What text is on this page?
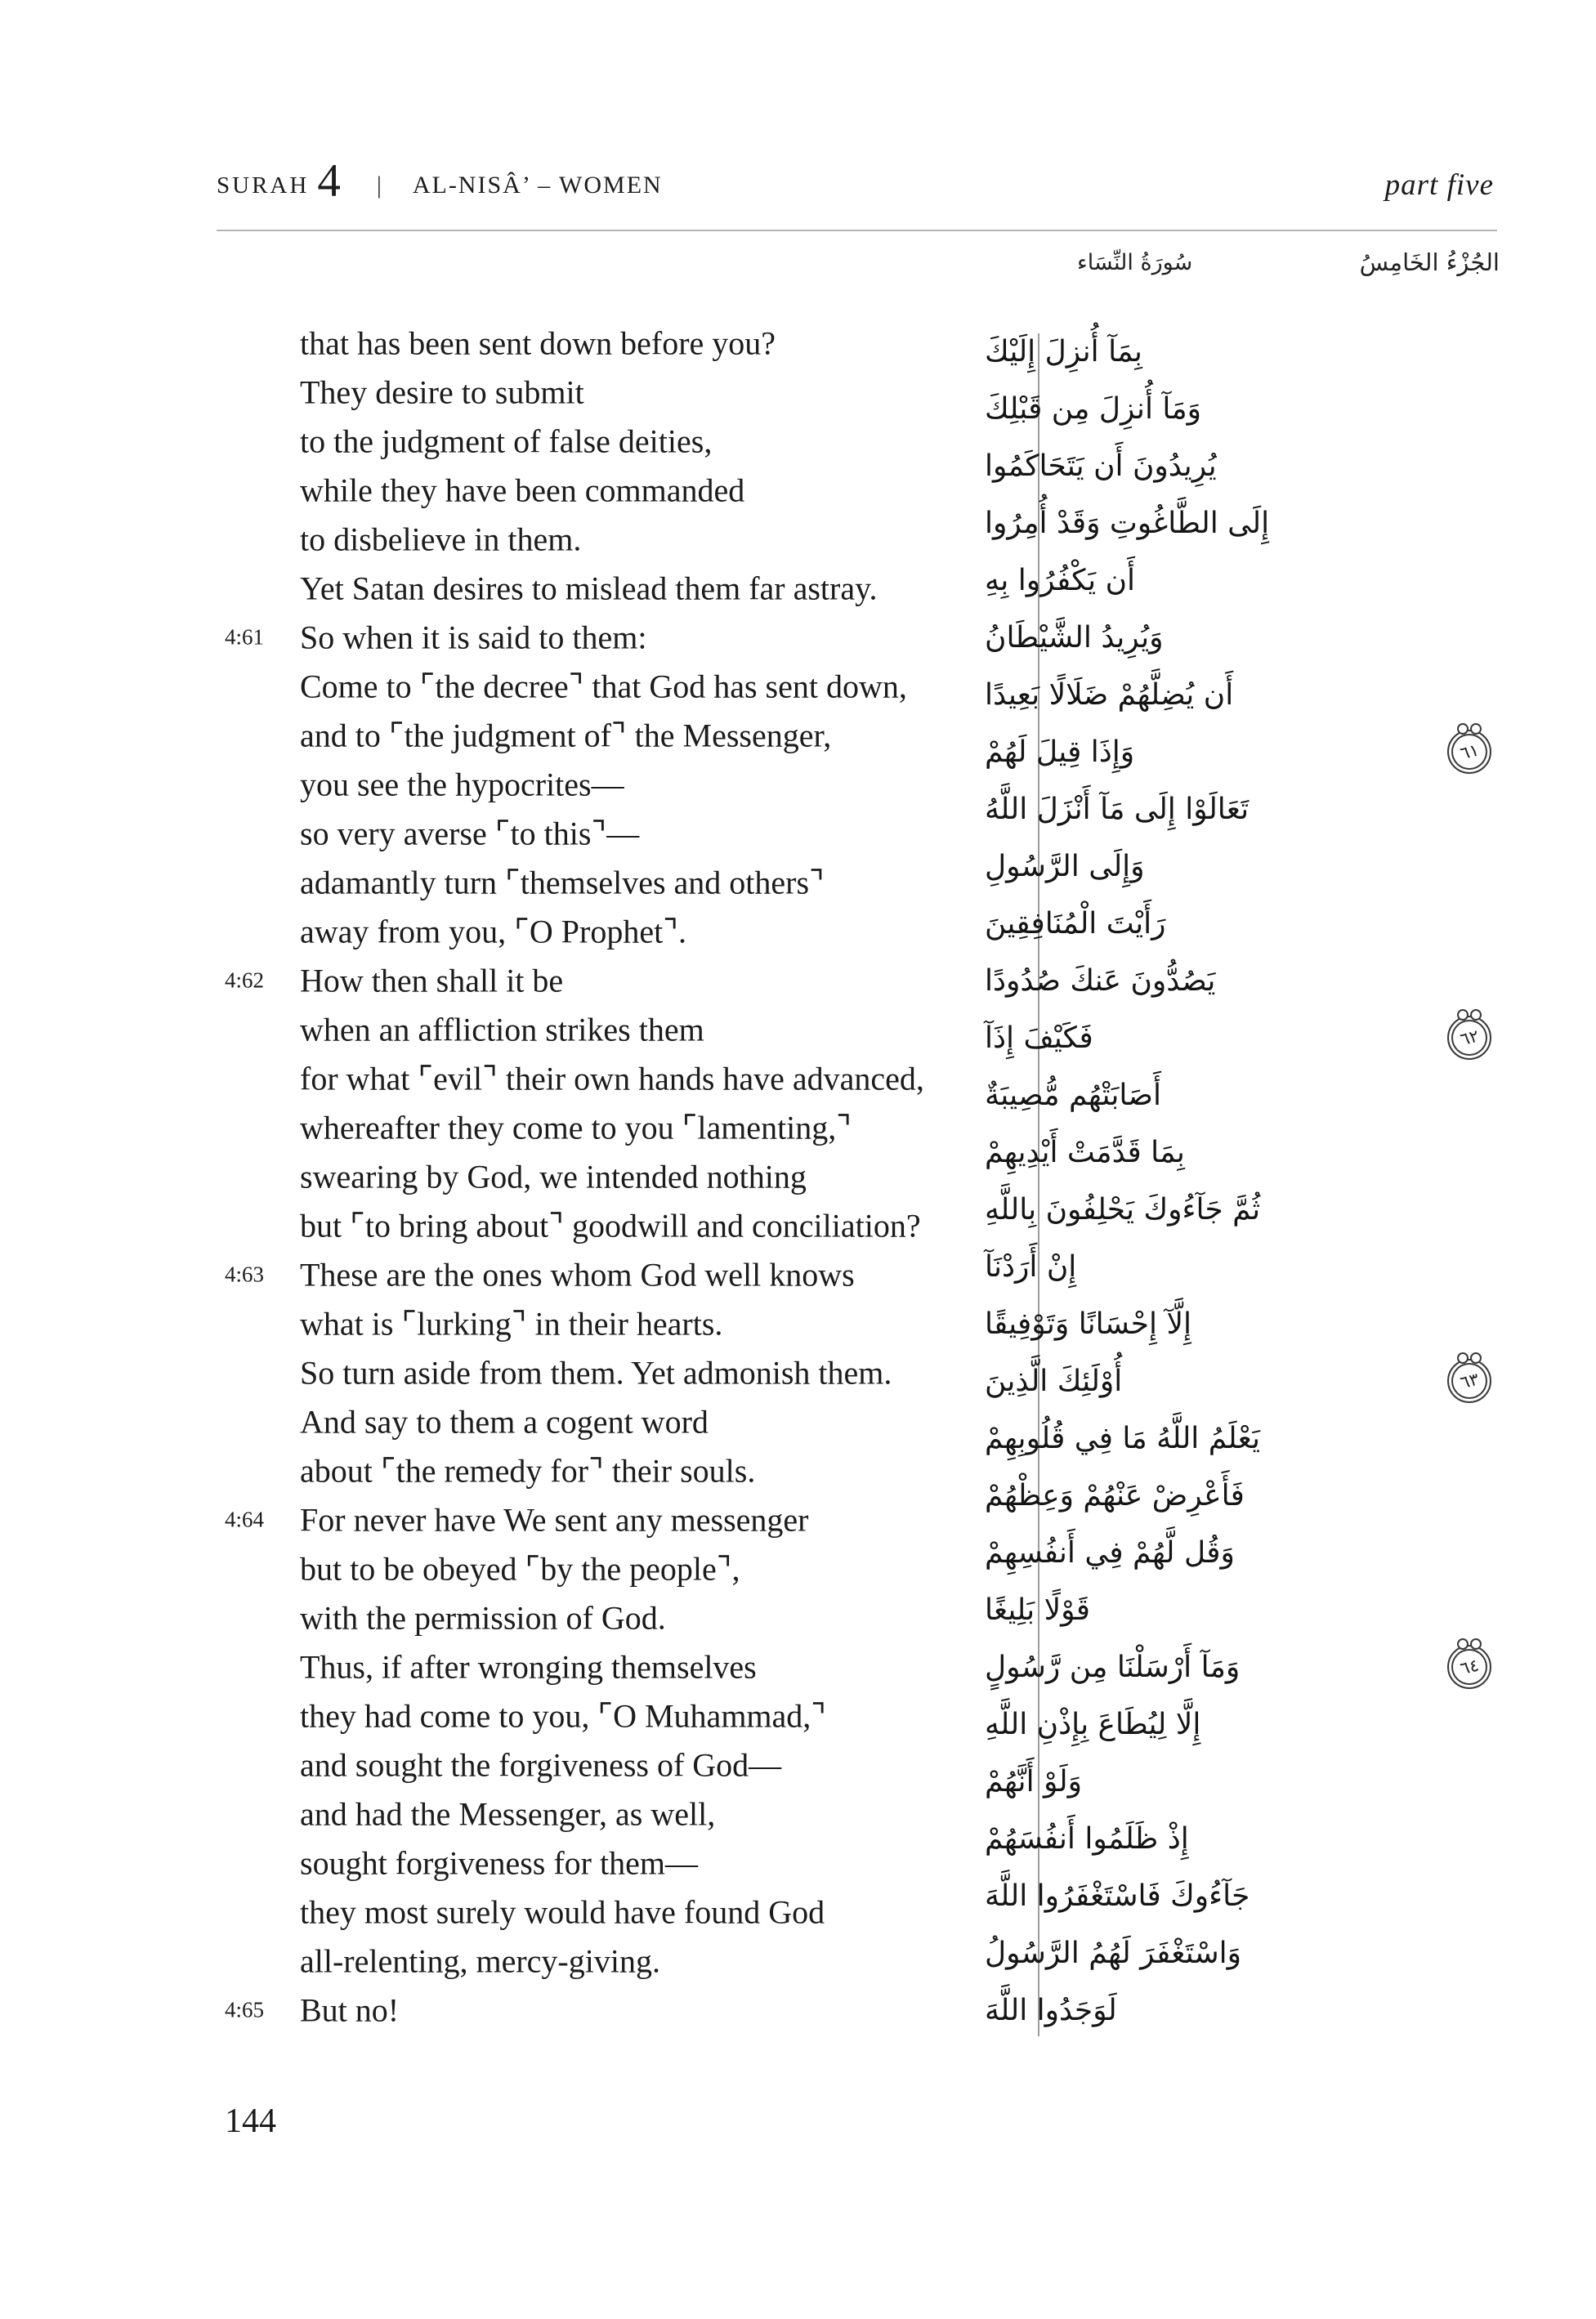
SURAH 4 | AL-NISÂ’ – WOMEN	part five
الجُزْءُ الخَامِسُ
سُورَةُ النِّسَاء
that has been sent down before you?
They desire to submit
to the judgment of false deities,
while they have been commanded
to disbelieve in them.
Yet Satan desires to mislead them far astray.
4:61 So when it is said to them:
Come to ⌜the decree⌝ that God has sent down,
and to ⌜the judgment of⌝ the Messenger,
you see the hypocrites—
so very averse ⌜to this⌝—
adamantly turn ⌜themselves and others⌝
away from you, ⌜O Prophet⌝.
4:62 How then shall it be
when an affliction strikes them
for what ⌜evil⌝ their own hands have advanced,
whereafter they come to you ⌜lamenting,⌝
swearing by God, we intended nothing
but ⌜to bring about⌝ goodwill and conciliation?
4:63 These are the ones whom God well knows
what is ⌜lurking⌝ in their hearts.
So turn aside from them. Yet admonish them.
And say to them a cogent word
about ⌜the remedy for⌝ their souls.
4:64 For never have We sent any messenger
but to be obeyed ⌜by the people⌝,
with the permission of God.
Thus, if after wronging themselves
they had come to you, ⌜O Muhammad,⌝
and sought the forgiveness of God—
and had the Messenger, as well,
sought forgiveness for them—
they most surely would have found God
all-relenting, mercy-giving.
4:65 But no!
بِمَآ أُنزِلَ إِلَيْكَ
وَمَآ أُنزِلَ مِن قَبْلِكَ
يُرِيدُونَ أَن يَتَحَاكَمُوا
إِلَى الطَّاغُوتِ وَقَدْ أُمِرُوا
أَن يَكْفُرُوا بِهِ
وَيُرِيدُ الشَّيْطَانُ
أَن يُضِلَّهُمْ ضَلَالًا بَعِيدًا
وَإِذَا قِيلَ لَهُمْ	٦١
تَعَالَوْا إِلَى مَآ أَنْزَلَ اللَّهُ
وَإِلَى الرَّسُولِ
رَأَيْتَ الْمُنَافِقِينَ
يَصُدُّونَ عَنكَ صُدُودًا
فَكَيْفَ إِذَآ	٦٢
أَصَابَتْهُم مُّصِيبَةٌ
بِمَا قَدَّمَتْ أَيْدِيهِمْ
ثُمَّ جَآءُوكَ يَحْلِفُونَ بِاللَّهِ
إِنْ أَرَدْنَآ
إِلَّآ إِحْسَانًا وَتَوْفِيقًا
أُوْلَئِكَ الَّذِينَ	٦٣
يَعْلَمُ اللَّهُ مَا فِي قُلُوبِهِمْ
فَأَعْرِضْ عَنْهُمْ وَعِظْهُمْ
وَقُل لَّهُمْ فِي أَنفُسِهِمْ
قَوْلًا بَلِيغًا
وَمَآ أَرْسَلْنَا مِن رَّسُولٍ	٦٤
إِلَّا لِيُطَاعَ بِإِذْنِ اللَّهِ
وَلَوْ أَنَّهُمْ
إِذْ ظَلَمُوا أَنفُسَهُمْ
جَآءُوكَ فَاسْتَغْفَرُوا اللَّهَ
وَاسْتَغْفَرَ لَهُمُ الرَّسُولُ
لَوَجَدُوا اللَّهَ
144
